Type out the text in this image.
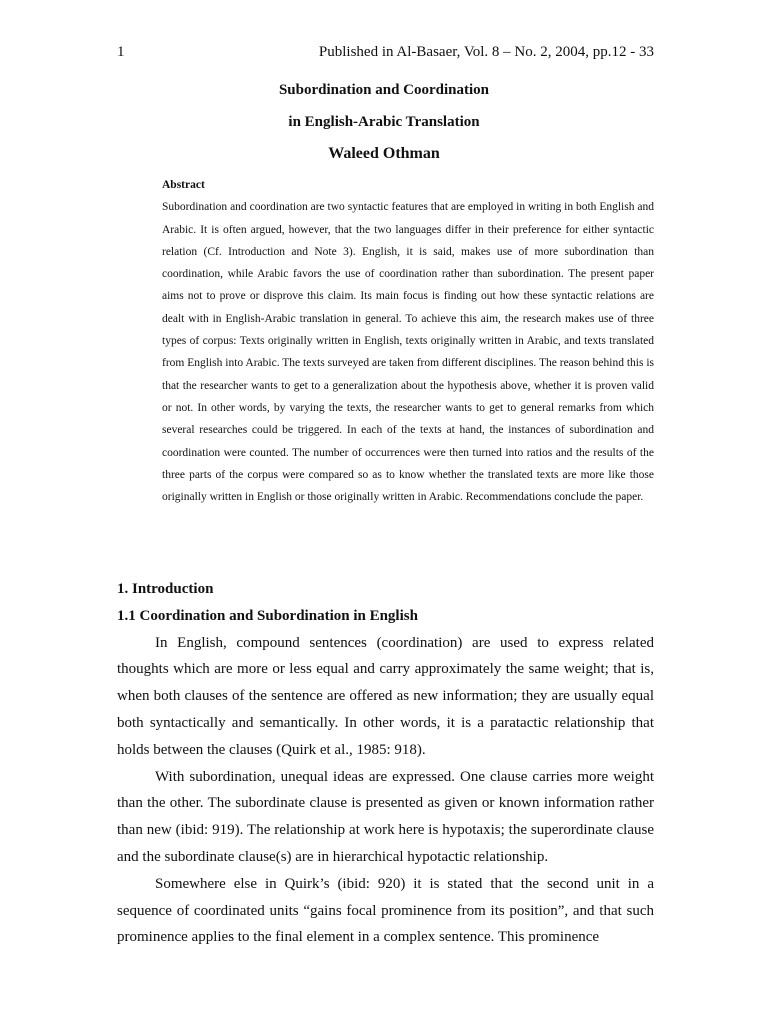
1	Published in Al-Basaer, Vol. 8 – No. 2, 2004, pp.12 - 33
Subordination and Coordination
in English-Arabic Translation
Waleed Othman
Abstract

Subordination and coordination are two syntactic features that are employed in writing in both English and Arabic. It is often argued, however, that the two languages differ in their preference for either syntactic relation (Cf. Introduction and Note 3). English, it is said, makes use of more subordination than coordination, while Arabic favors the use of coordination rather than subordination. The present paper aims not to prove or disprove this claim. Its main focus is finding out how these syntactic relations are dealt with in English-Arabic translation in general. To achieve this aim, the research makes use of three types of corpus: Texts originally written in English, texts originally written in Arabic, and texts translated from English into Arabic. The texts surveyed are taken from different disciplines. The reason behind this is that the researcher wants to get to a generalization about the hypothesis above, whether it is proven valid or not. In other words, by varying the texts, the researcher wants to get to general remarks from which several researches could be triggered. In each of the texts at hand, the instances of subordination and coordination were counted. The number of occurrences were then turned into ratios and the results of the three parts of the corpus were compared so as to know whether the translated texts are more like those originally written in English or those originally written in Arabic. Recommendations conclude the paper.

1. Introduction

1.1 Coordination and Subordination in English

In English, compound sentences (coordination) are used to express related thoughts which are more or less equal and carry approximately the same weight; that is, when both clauses of the sentence are offered as new information; they are usually equal both syntactically and semantically. In other words, it is a paratactic relationship that holds between the clauses (Quirk et al., 1985: 918).

With subordination, unequal ideas are expressed. One clause carries more weight than the other. The subordinate clause is presented as given or known information rather than new (ibid: 919). The relationship at work here is hypotaxis; the superordinate clause and the subordinate clause(s) are in hierarchical hypotactic relationship.

Somewhere else in Quirk’s (ibid: 920) it is stated that the second unit in a sequence of coordinated units “gains focal prominence from its position”, and that such prominence applies to the final element in a complex sentence. This prominence
